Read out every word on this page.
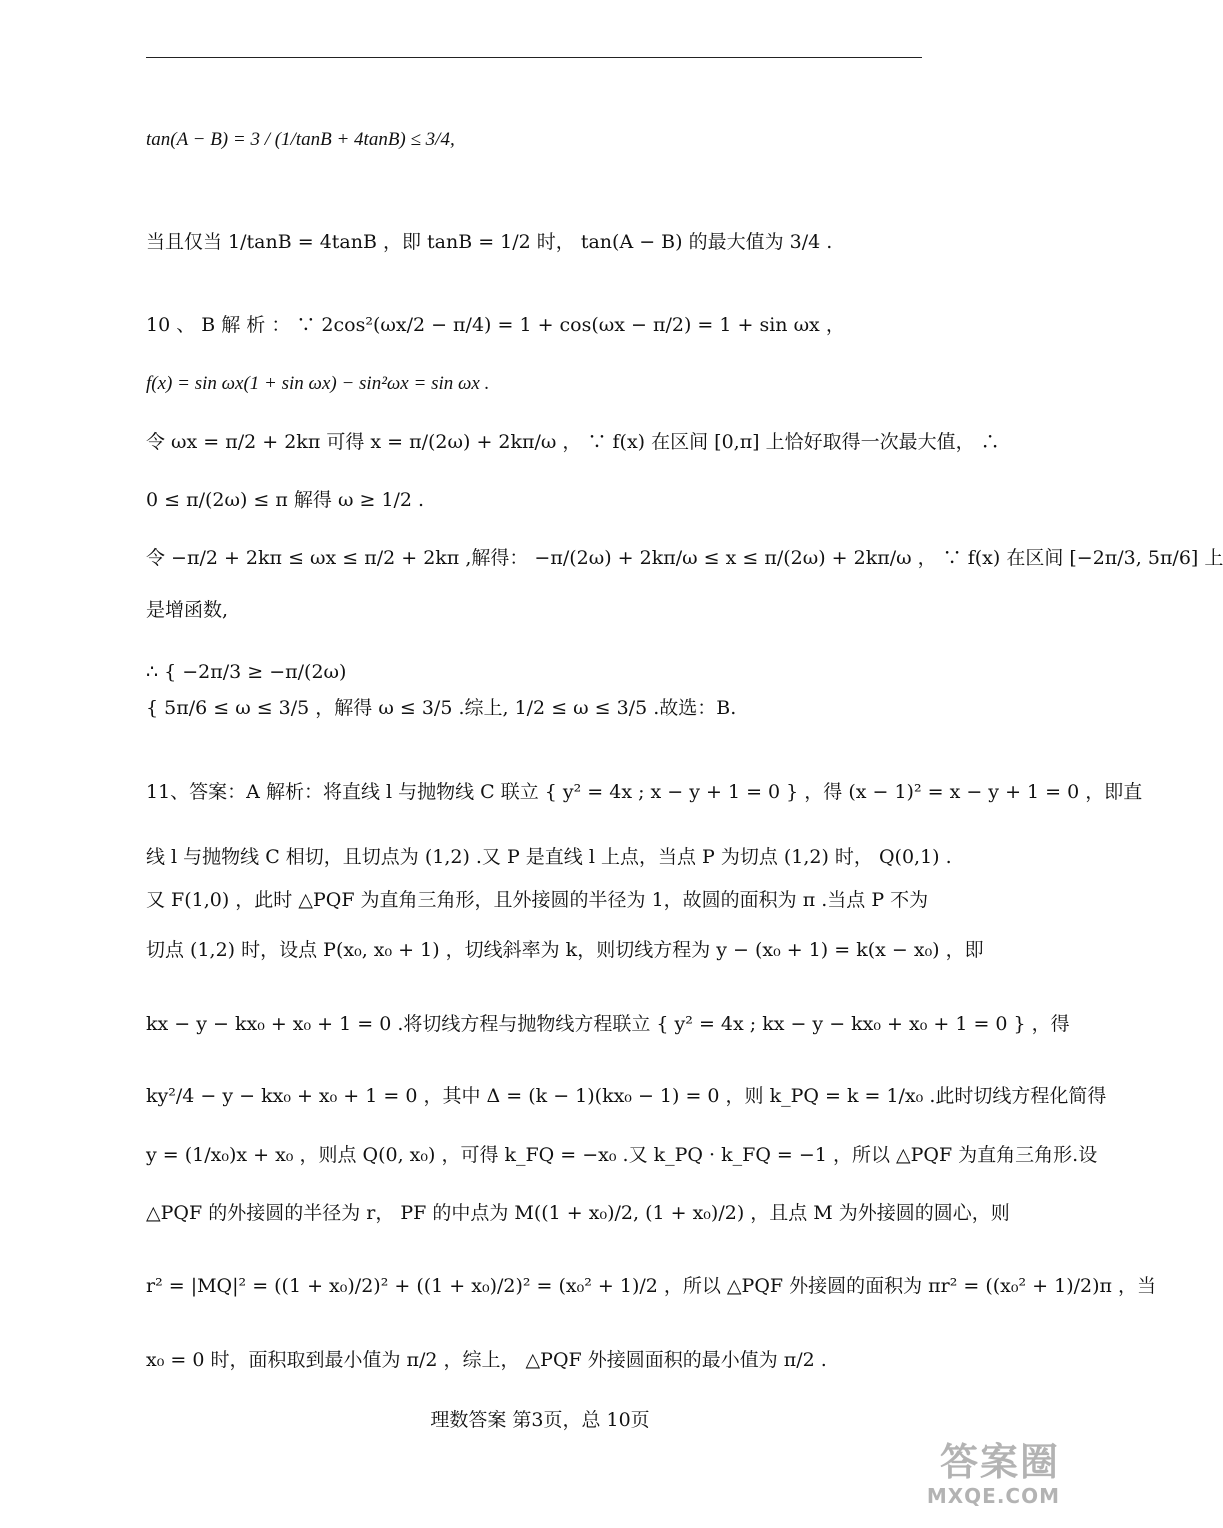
tan(A − B) = 3 / (1/tanB + 4tanB) ≤ 3/4,
当且仅当 1/tanB = 4tanB ，即 tanB = 1/2 时， tan(A − B) 的最大值为 3/4 .
10 、 B 解 析 ： ∵ 2cos²(ωx/2 − π/4) = 1 + cos(ωx − π/2) = 1 + sin ωx ，
f(x) = sin ωx(1 + sin ωx) − sin²ωx = sin ωx .
令 ωx = π/2 + 2kπ 可得 x = π/(2ω) + 2kπ/ω ， ∵ f(x) 在区间 [0,π] 上恰好取得一次最大值， ∴
0 ≤ π/(2ω) ≤ π 解得 ω ≥ 1/2 .
令 −π/2 + 2kπ ≤ ωx ≤ π/2 + 2kπ ,解得： −π/(2ω) + 2kπ/ω ≤ x ≤ π/(2ω) + 2kπ/ω ， ∵ f(x) 在区间 [−2π/3, 5π/6] 上
是增函数,
∴ { −2π/3 ≥ −π/(2ω)
{ 5π/6 ≤ ω ≤ 3/5 ，解得 ω ≤ 3/5 .综上, 1/2 ≤ ω ≤ 3/5 .故选：B.
11、答案：A 解析：将直线 l 与抛物线 C 联立 { y² = 4x ; x − y + 1 = 0 } ，得 (x − 1)² = x − y + 1 = 0 ，即直
线 l 与抛物线 C 相切，且切点为 (1,2) .又 P 是直线 l 上点，当点 P 为切点 (1,2) 时， Q(0,1) .
又 F(1,0) ，此时 △PQF 为直角三角形，且外接圆的半径为 1，故圆的面积为 π .当点 P 不为
切点 (1,2) 时，设点 P(x₀, x₀ + 1) ，切线斜率为 k，则切线方程为 y − (x₀ + 1) = k(x − x₀) ，即
kx − y − kx₀ + x₀ + 1 = 0 .将切线方程与抛物线方程联立 { y² = 4x ; kx − y − kx₀ + x₀ + 1 = 0 } ，得
ky²/4 − y − kx₀ + x₀ + 1 = 0 ，其中 Δ = (k − 1)(kx₀ − 1) = 0 ，则 k_PQ = k = 1/x₀ .此时切线方程化简得
y = (1/x₀)x + x₀ ，则点 Q(0, x₀) ，可得 k_FQ = −x₀ .又 k_PQ · k_FQ = −1 ，所以 △PQF 为直角三角形.设
△PQF 的外接圆的半径为 r， PF 的中点为 M((1 + x₀)/2, (1 + x₀)/2) ，且点 M 为外接圆的圆心，则
r² = |MQ|² = ((1 + x₀)/2)² + ((1 + x₀)/2)² = (x₀² + 1)/2 ，所以 △PQF 外接圆的面积为 πr² = ((x₀² + 1)/2)π ，当
x₀ = 0 时，面积取到最小值为 π/2 ，综上， △PQF 外接圆面积的最小值为 π/2 .
理数答案 第3页，总 10页
答案圈
MXQE.COM
